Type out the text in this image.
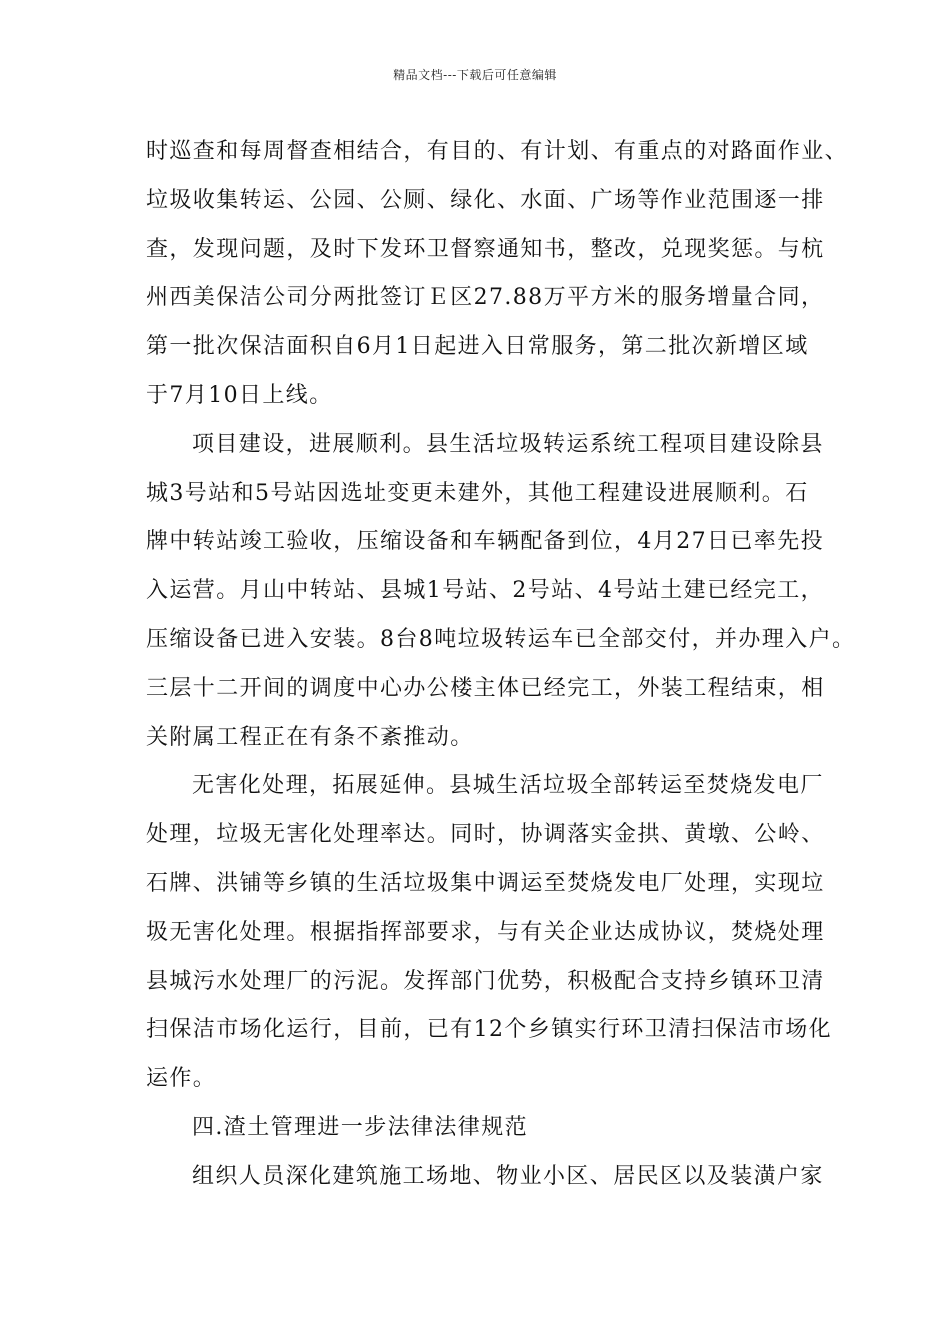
精品文档---下载后可任意编辑

时巡查和每周督查相结合，有目的、有计划、有重点的对路面作业、
垃圾收集转运、公园、公厕、绿化、水面、广场等作业范围逐一排
查，发现问题，及时下发环卫督察通知书，整改，兑现奖惩。与杭
州西美保洁公司分两批签订Ｅ区27.88万平方米的服务增量合同，
第一批次保洁面积自6月1日起进入日常服务，第二批次新增区域
于7月10日上线。

项目建设，进展顺利。县生活垃圾转运系统工程项目建设除县
城3号站和5号站因选址变更未建外，其他工程建设进展顺利。石
牌中转站竣工验收，压缩设备和车辆配备到位，4月27日已率先投
入运营。月山中转站、县城1号站、2号站、4号站土建已经完工，
压缩设备已进入安装。8台8吨垃圾转运车已全部交付，并办理入户。
三层十二开间的调度中心办公楼主体已经完工，外装工程结束，相
关附属工程正在有条不紊推动。

无害化处理，拓展延伸。县城生活垃圾全部转运至焚烧发电厂
处理，垃圾无害化处理率达。同时，协调落实金拱、黄墩、公岭、
石牌、洪铺等乡镇的生活垃圾集中调运至焚烧发电厂处理，实现垃
圾无害化处理。根据指挥部要求，与有关企业达成协议，焚烧处理
县城污水处理厂的污泥。发挥部门优势，积极配合支持乡镇环卫清
扫保洁市场化运行，目前，已有12个乡镇实行环卫清扫保洁市场化
运作。

四.渣土管理进一步法律法律规范

组织人员深化建筑施工场地、物业小区、居民区以及装潢户家
